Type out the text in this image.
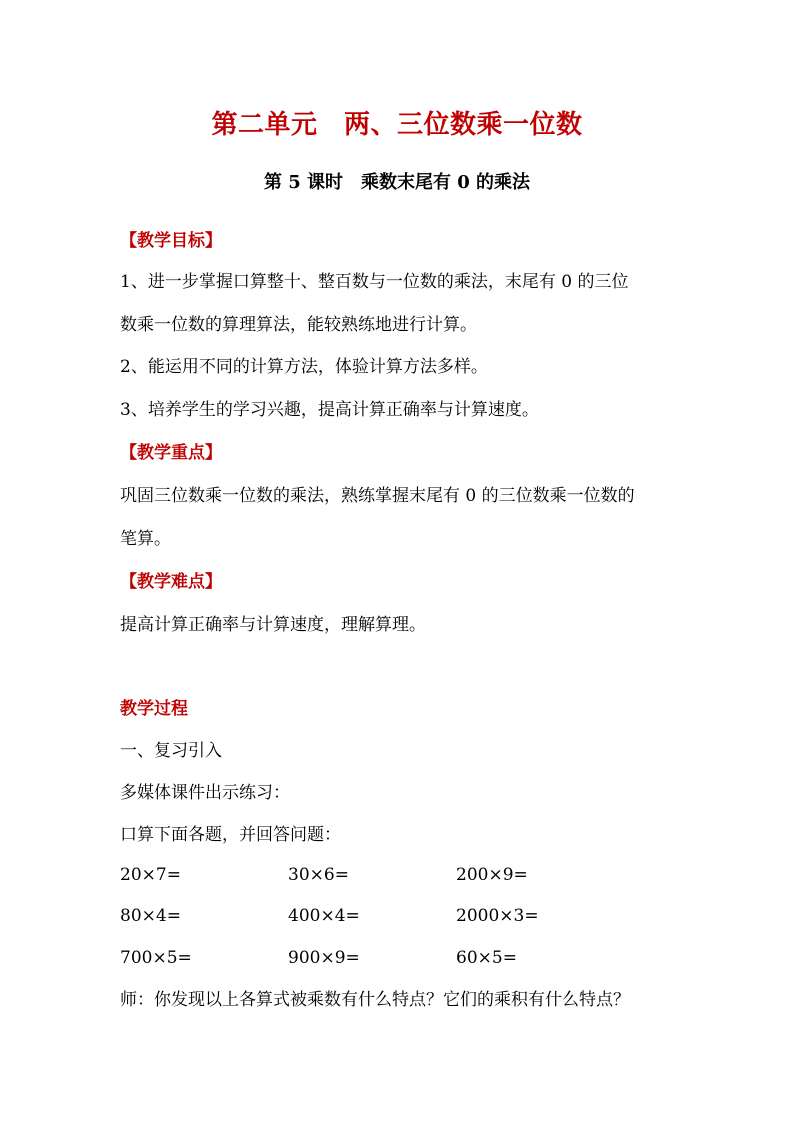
第二单元　两、三位数乘一位数
第 5 课时　乘数末尾有 0 的乘法
【教学目标】
1、进一步掌握口算整十、整百数与一位数的乘法，末尾有 0 的三位
数乘一位数的算理算法，能较熟练地进行计算。
2、能运用不同的计算方法，体验计算方法多样。
3、培养学生的学习兴趣，提高计算正确率与计算速度。
【教学重点】
巩固三位数乘一位数的乘法，熟练掌握末尾有 0 的三位数乘一位数的
笔算。
【教学难点】
提高计算正确率与计算速度，理解算理。
教学过程
一、复习引入
多媒体课件出示练习：
口算下面各题，并回答问题：
20×7=	30×6=	200×9=
80×4=	400×4=	2000×3=
700×5=	900×9=	60×5=
师：你发现以上各算式被乘数有什么特点？它们的乘积有什么特点？
